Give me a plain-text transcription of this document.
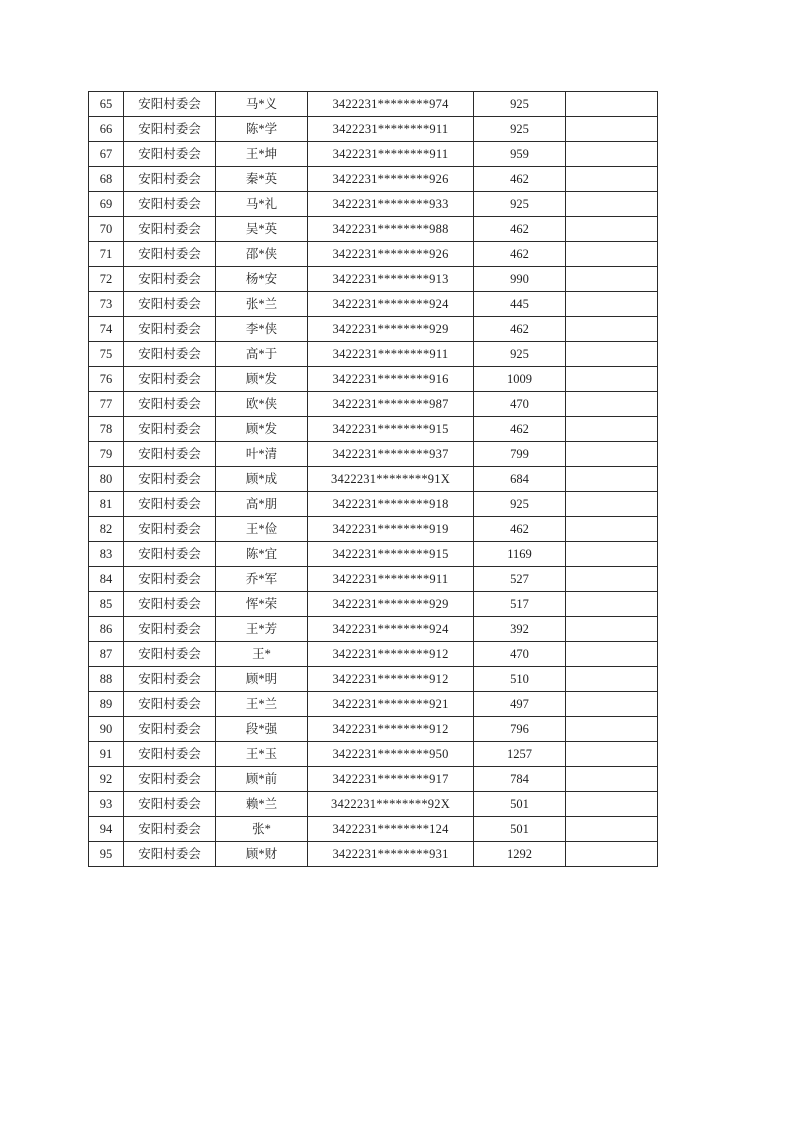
65	安阳村委会	马*义	3422231********974	925	
66	安阳村委会	陈*学	3422231********911	925	
67	安阳村委会	王*坤	3422231********911	959	
68	安阳村委会	秦*英	3422231********926	462	
69	安阳村委会	马*礼	3422231********933	925	
70	安阳村委会	吴*英	3422231********988	462	
71	安阳村委会	邵*侠	3422231********926	462	
72	安阳村委会	杨*安	3422231********913	990	
73	安阳村委会	张*兰	3422231********924	445	
74	安阳村委会	李*侠	3422231********929	462	
75	安阳村委会	高*于	3422231********911	925	
76	安阳村委会	顾*发	3422231********916	1009	
77	安阳村委会	欧*侠	3422231********987	470	
78	安阳村委会	顾*发	3422231********915	462	
79	安阳村委会	叶*清	3422231********937	799	
80	安阳村委会	顾*成	3422231********91X	684	
81	安阳村委会	高*朋	3422231********918	925	
82	安阳村委会	王*俭	3422231********919	462	
83	安阳村委会	陈*宜	3422231********915	1169	
84	安阳村委会	乔*军	3422231********911	527	
85	安阳村委会	恽*荣	3422231********929	517	
86	安阳村委会	王*芳	3422231********924	392	
87	安阳村委会	王*	3422231********912	470	
88	安阳村委会	顾*明	3422231********912	510	
89	安阳村委会	王*兰	3422231********921	497	
90	安阳村委会	段*强	3422231********912	796	
91	安阳村委会	王*玉	3422231********950	1257	
92	安阳村委会	顾*前	3422231********917	784	
93	安阳村委会	赖*兰	3422231********92X	501	
94	安阳村委会	张*	3422231********124	501	
95	安阳村委会	顾*财	3422231********931	1292	
